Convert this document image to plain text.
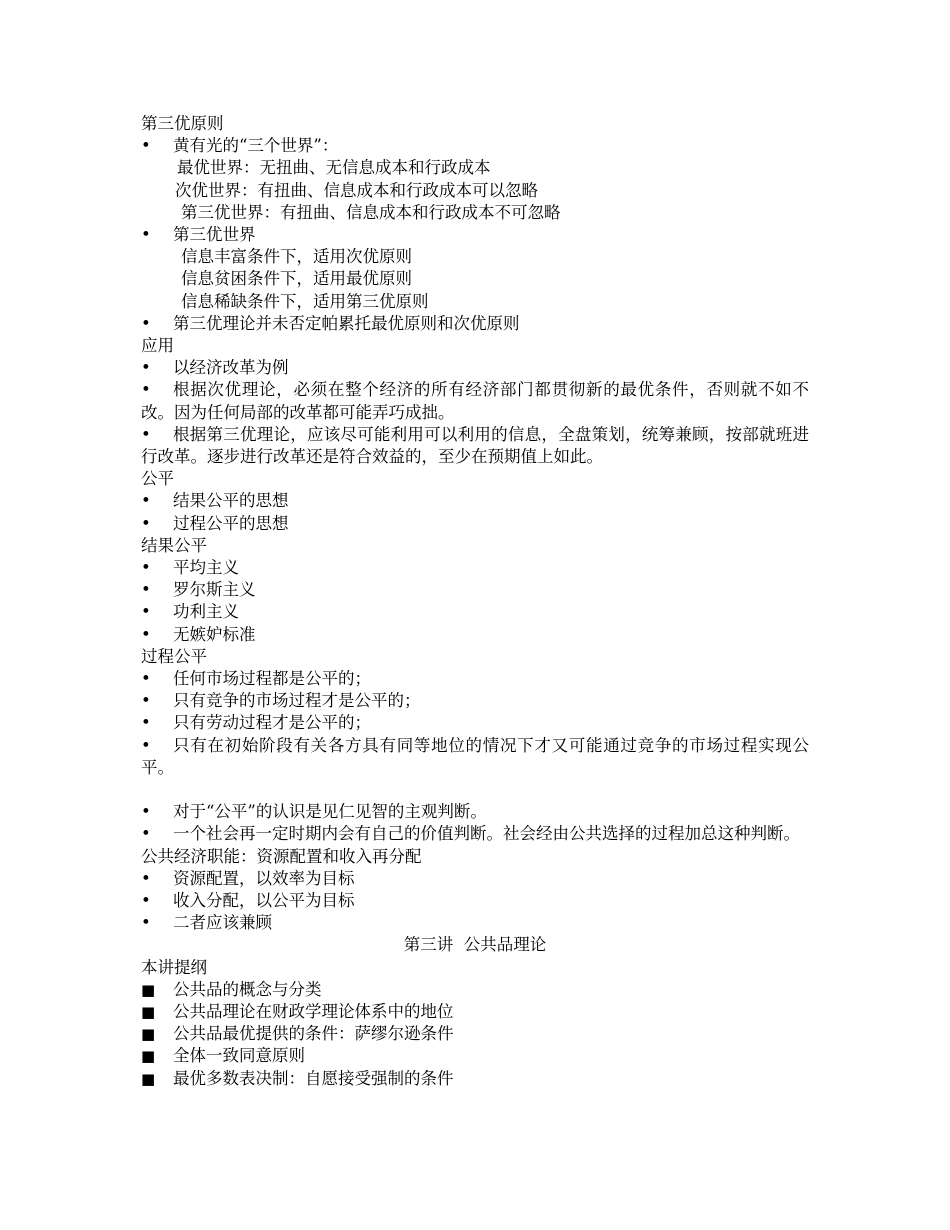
第三优原则
• 黄有光的“三个世界”：
最优世界：无扭曲、无信息成本和行政成本
次优世界：有扭曲、信息成本和行政成本可以忽略
第三优世界：有扭曲、信息成本和行政成本不可忽略
• 第三优世界
信息丰富条件下，适用次优原则
信息贫困条件下，适用最优原则
信息稀缺条件下，适用第三优原则
• 第三优理论并未否定帕累托最优原则和次优原则
应用
• 以经济改革为例
• 根据次优理论，必须在整个经济的所有经济部门都贯彻新的最优条件，否则就不如不改。因为任何局部的改革都可能弄巧成拙。
• 根据第三优理论，应该尽可能利用可以利用的信息，全盘策划，统筹兼顾，按部就班进行改革。逐步进行改革还是符合效益的，至少在预期值上如此。
公平
• 结果公平的思想
• 过程公平的思想
结果公平
• 平均主义
• 罗尔斯主义
• 功利主义
• 无嫉妒标准
过程公平
• 任何市场过程都是公平的；
• 只有竞争的市场过程才是公平的；
• 只有劳动过程才是公平的；
• 只有在初始阶段有关各方具有同等地位的情况下才又可能通过竞争的市场过程实现公平。
• 对于“公平”的认识是见仁见智的主观判断。
• 一个社会再一定时期内会有自己的价值判断。社会经由公共选择的过程加总这种判断。
公共经济职能：资源配置和收入再分配
• 资源配置，以效率为目标
• 收入分配，以公平为目标
• 二者应该兼顾
第三讲  公共品理论
本讲提纲
■ 公共品的概念与分类
■ 公共品理论在财政学理论体系中的地位
■ 公共品最优提供的条件：萨缪尔逊条件
■ 全体一致同意原则
■ 最优多数表决制：自愿接受强制的条件
